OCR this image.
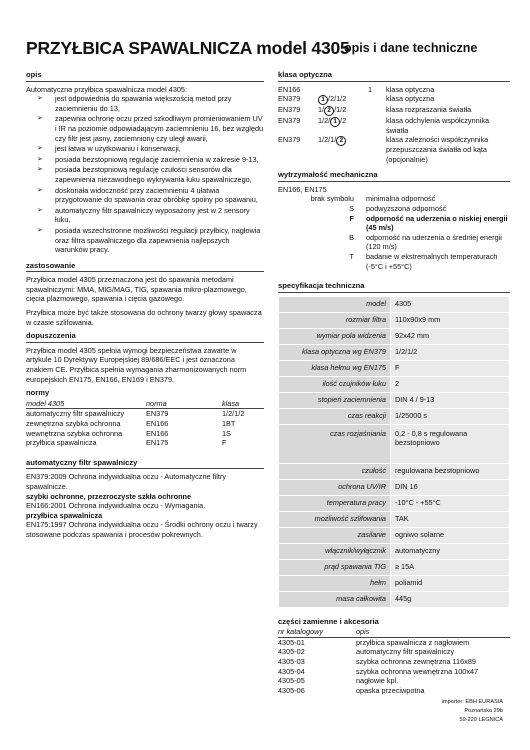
PRZYŁBICA SPAWALNICZA model 4305
opis i dane techniczne
opis
Automatyczna przyłbica spawalnicza model 4305:
➢ jest odpowiednia do spawania większością metod przy zaciemnieniu do 13,
➢ zapewnia ochronę oczu przed szkodliwym promieniowaniem UV i IR na poziomie odpowiadającym zaciemnieniu 16, bez względu czy filtr jest jasny, zaciemniony czy uległ awarii,
➢ jest łatwa w użytkowaniu i konserwacji,
➢ posiada bezstopniową regulację zaciemnienia w zakresie 9-13,
➢ posiada bezstopniową regulację czułości sensorów dla zapewnienia niezawodnego wykrywania łuku spawalniczego,
➢ doskonała widoczność przy zaciemnieniu 4 ułatwia przygotowanie do spawania oraz obróbkę spoiny po spawaniu,
➢ automatyczny filtr spawalniczy wyposażony jest w 2 sensory łuku,
➢ posiada wszechstronne możliwości regulacji przyłbicy, nagłowia oraz filtra spawalniczego dla zapewnienia najlepszych warunków pracy.
zastosowanie
Przyłbica model 4305 przeznaczona jest do spawania metodami spawalniczymi: MMA, MIG/MAG, TIG, spawania mikro-plazmowego, cięcia plazmowego, spawania i cięcia gazowego.
Przyłbica może być także stosowana do ochrony twarzy głowy spawacza w czasie szlifowania.
dopuszczenia
Przyłbica model 4305 spełnia wymogi bezpieczeństwa zawarte w artykule 10 Dyrektywy Europejskiej 89/686/EEC i jest oznaczona znakiem CE. Przyłbica spełnia wymagania zharmonizowanych norm europejskich EN175, EN166, EN169 i EN379.
normy
model 4305	norma	klasa
automatyczny filtr spawalniczy	EN379	1/2/1/2
zewnętrzna szybka ochronna	EN166	1BT
wewnętrzna szybka ochronna	EN166	1S
przyłbica spawalnicza	EN175	F
automatyczny filtr spawalniczy
EN379:2009 Ochrona indywidualna oczu - Automatyczne filtry spawalnicze.
szybki ochronne, przezroczyste szkła ochronne
EN166:2001 Ochrona indywidualna oczu - Wymagania.
przyłbica spawalnicza
EN175:1997 Ochrona indywidualna oczu - Środki ochrony oczu i twarzy stosowane podczas spawania i procesów pokrewnych.
klasa optyczna
EN166	1	klasa optyczna
EN379	1 /2/1/2	klasa optyczna
EN379	1/ 2 /1/2	klasa rozpraszania światła
EN379	1/2/ 1 /2	klasa odchylenia współczynnika światła
EN379	1/2/1/ 2	klasa zależności współczynnika przepuszczania światła od kąta (opcjonalnie)
wytrzymałość mechaniczna
EN166, EN175
brak symbolu	minimalna odporność
S	podwyższona odporność
F	odporność na uderzenia o niskiej energii (45 m/s)
B	odporność na uderzenia o średniej energii (120 m/s)
T	badanie w ekstremalnych temperaturach (-5°C i +55°C)
specyfikacja techniczna
model	4305
rozmiar filtra	110x90x9 mm
wymiar pola widzenia	92x42 mm
klasa optyczna wg EN379	1/2/1/2
klasa hełmu wg EN175	F
ilość czujników łuku	2
stopień zaciemnienia	DIN 4 / 9-13
czas reakcji	1/25000 s
czas rozjaśniania	0,2 - 0,8 s regulowana bezstopniowo
czułość	regulowana bezstopniowo
ochrona UV/IR	DIN 16
temperatura pracy	-10°C - +55°C
możliwość szlifowania	TAK
zasilanie	ogniwo solarne
włącznik/wyłącznik	automatyczny
prąd spawania TIG	≥ 15A
hełm	poliamid
masa całkowita	445g
części zamienne i akcesoria
nr katalogowy	opis
4305-01	przyłbica spawalnicza z nagłowiem
4305-02	automatyczny filtr spawalniczy
4305-03	szybka ochronna zewnętrzna 116x89
4305-04	szybka ochronna wewnętrzna 100x47
4305-05	nagłowie kpl.
4305-06	opaska przeciwpotna
importer: EBH EURASIA
Poznańska 29b
59-220 LEGNICA
